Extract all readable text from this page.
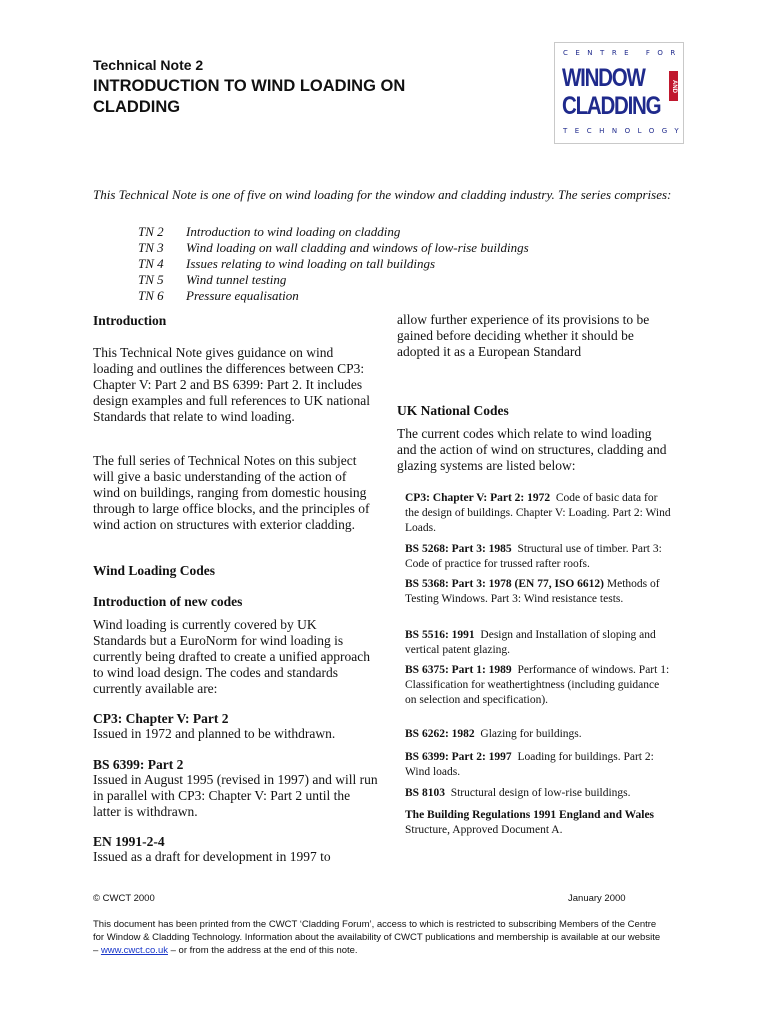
Technical Note 2
INTRODUCTION TO WIND LOADING ON CLADDING
CENTRE FOR
WINDOW
CLADDING
AND
TECHNOLOGY
This Technical Note is one of five on wind loading for the window and cladding industry. The series comprises:
TN 2	Introduction to wind loading on cladding
TN 3	Wind loading on wall cladding and windows of low-rise buildings
TN 4	Issues relating to wind loading on tall buildings
TN 5	Wind tunnel testing
TN 6	Pressure equalisation
Introduction
This Technical Note gives guidance on wind loading and outlines the differences between CP3: Chapter V: Part 2 and BS 6399: Part 2. It includes design examples and full references to UK national Standards that relate to wind loading.
The full series of Technical Notes on this subject will give a basic understanding of the action of wind on buildings, ranging from domestic housing through to large office blocks, and the principles of wind action on structures with exterior cladding.
Wind Loading Codes
Introduction of new codes
Wind loading is currently covered by UK Standards but a EuroNorm for wind loading is currently being drafted to create a unified approach to wind load design. The codes and standards currently available are:
CP3: Chapter V: Part 2
Issued in 1972 and planned to be withdrawn.
BS 6399: Part 2
Issued in August 1995 (revised in 1997) and will run in parallel with CP3: Chapter V: Part 2 until the latter is withdrawn.
EN 1991-2-4
Issued as a draft for development in 1997 to
allow further experience of its provisions to be gained before deciding whether it should be adopted it as a European Standard
UK National Codes
The current codes which relate to wind loading and the action of wind on structures, cladding and glazing systems are listed below:
CP3: Chapter V: Part 2: 1972 Code of basic data for the design of buildings. Chapter V: Loading. Part 2: Wind Loads.
BS 5268: Part 3: 1985 Structural use of timber. Part 3: Code of practice for trussed rafter roofs.
BS 5368: Part 3: 1978 (EN 77, ISO 6612) Methods of Testing Windows. Part 3: Wind resistance tests.
BS 5516: 1991 Design and Installation of sloping and vertical patent glazing.
BS 6375: Part 1: 1989 Performance of windows. Part 1: Classification for weathertightness (including guidance on selection and specification).
BS 6262: 1982 Glazing for buildings.
BS 6399: Part 2: 1997 Loading for buildings. Part 2: Wind loads.
BS 8103 Structural design of low-rise buildings.
The Building Regulations 1991 England and Wales  Structure, Approved Document A.
© CWCT 2000	January 2000
This document has been printed from the CWCT ‘Cladding Forum’, access to which is restricted to subscribing Members of the Centre for Window & Cladding Technology. Information about the availability of CWCT publications and membership is available at our website – www.cwct.co.uk – or from the address at the end of this note.
